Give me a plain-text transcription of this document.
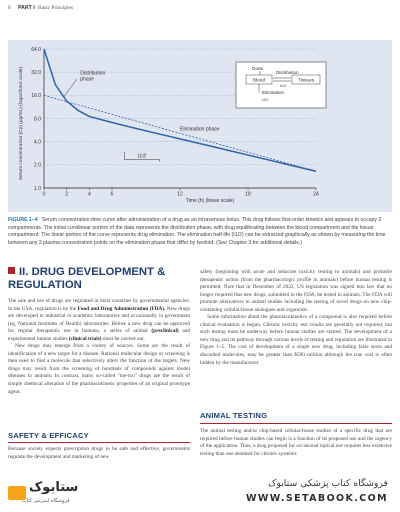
8 PART I Basic Principles
1.0
2.0
4.0
8.0
16.0
32.0
64.0
0	2	4	6	12	18	24
Time (h) (linear scale)
Serum concentration (Cp) (μg/mL) (logarithmic scale)	Distribution
phase
Elimination phase
t1/2
Dose
Blood
Distribution
t1/2
Tissues
Elimination
t1/2
FIGURE 1–4 Serum concentration-time curve after administration of a drug as an intravenous bolus. This drug follows first-order kinetics and appears to occupy 2 compartments. The initial curvilinear portion of the data represents the distribution phase, with drug equilibrating between the blood compartment and the tissue compartment. The linear portion of the curve represents drug elimination. The elimination half-life (t1/2) can be extracted graphically as shown by measuring the time between any 2 plasma concentration points on the elimination phase that differ by twofold. (See Chapter 3 for additional details.)
II. DRUG DEVELOPMENT &
REGULATION

The sale and use of drugs are regulated in most countries by governmental agencies. In the USA, regulation is by the Food and Drug Administration (FDA). New drugs are developed in industrial or academic laboratories and occasionally in government (eg, National Institutes of Health) laboratories. Before a new drug can be approved for regular therapeutic use in humans, a series of animal (preclinical) and experimental human studies (clinical trials) must be carried out.

New drugs may emerge from a variety of sources. Some are the result of identification of a new target for a disease. Rational molecular design or screening is then used to find a molecule that selectively alters the function of the targets. New drugs may result from the screening of hundreds of compounds against model diseases in animals. In contrast, many so-called "me-too" drugs are the result of simple chemical alteration of the pharmacokinetic properties of an original prototype agent.

SAFETY & EFFICACY

Because society expects prescription drugs to be safe and effective, governments regulate the development and marketing of new

safety (beginning with acute and subacute toxicity testing in animals) and probable therapeutic action (from the pharmacologic profile in animals) before human testing is permitted. Note that in December of 2022, US legislation was signed into law that no longer required that new drugs, submitted to the FDA, be tested in animals. The FDA will promote alternatives to animal studies including the testing of novel drugs on new chip-containing cellular/tissue analogues and organoids.

Some information about the pharmacokinetics of a compound is also required before clinical evaluation is begun. Chronic toxicity test results are generally not required, but such testing must be underway before human studies are started. The development of a new drug and its pathway through various levels of testing and regulation are illustrated in Figure 1–5. The cost of development of a single new drug, including false starts and discarded molecules, may be greater than $500 million although the true cost is often hidden by the manufacturer.

ANIMAL TESTING

The animal testing and/or chip-based cellular/tissue studies of a specific drug that are required before human studies can begin is a function of its proposed use and the urgency of the application. Thus, a drug proposed for occasional topical use requires less extensive testing than one destined for chronic systemic

ستابوک
فروشگاه اینترنتی کتاب
فروشگاه کتاب پزشکی ستابوک
WWW.SETABOOK.COM
